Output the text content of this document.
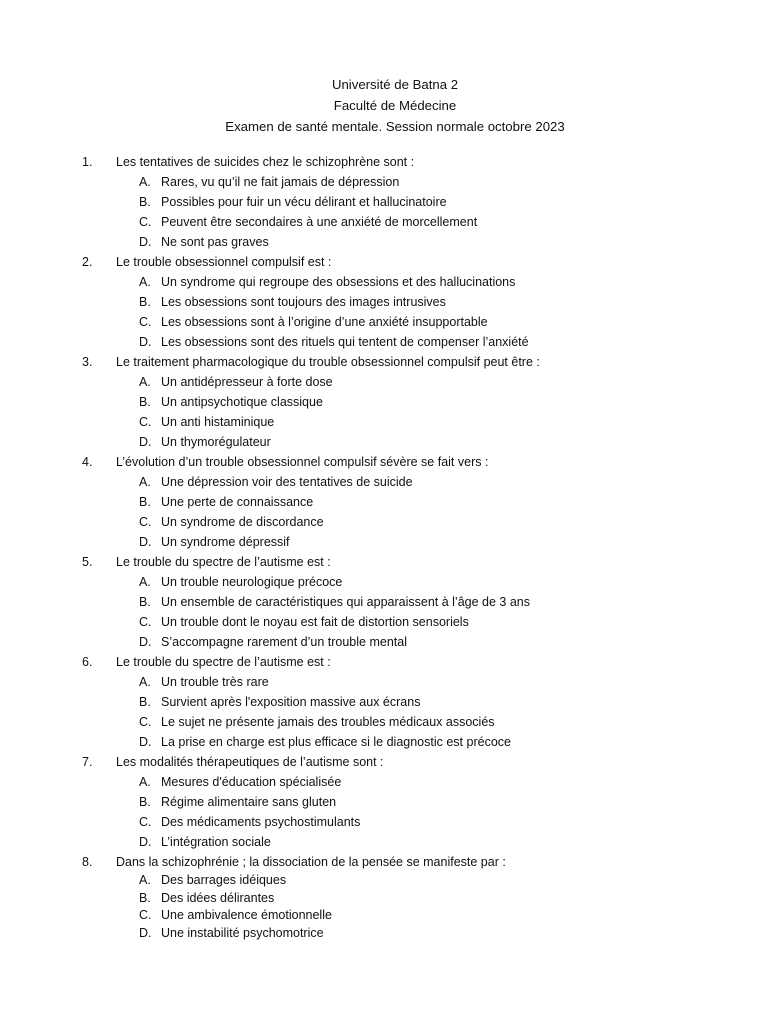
Université de Batna 2
Faculté de Médecine
Examen de santé mentale. Session normale octobre 2023
1. Les tentatives de suicides chez le schizophrène sont :
A. Rares, vu qu’il ne fait jamais de dépression
B. Possibles pour fuir un vécu délirant et hallucinatoire
C. Peuvent être secondaires à une anxiété de morcellement
D. Ne sont pas graves
2. Le trouble obsessionnel compulsif est :
A. Un syndrome qui regroupe des obsessions et des hallucinations
B. Les obsessions sont toujours des images intrusives
C. Les obsessions sont à l’origine d’une anxiété insupportable
D. Les obsessions sont des rituels qui tentent de compenser l’anxiété
3. Le traitement pharmacologique du trouble obsessionnel compulsif peut être :
A. Un antidépresseur à forte dose
B. Un antipsychotique classique
C. Un anti histaminique
D. Un thymorégulateur
4. L’évolution d’un trouble obsessionnel compulsif sévère se fait vers :
A. Une dépression voir des tentatives de suicide
B. Une perte de connaissance
C. Un syndrome de discordance
D. Un syndrome dépressif
5. Le trouble du spectre de l’autisme est :
A. Un trouble neurologique précoce
B. Un ensemble de caractéristiques qui apparaissent à l’âge de 3 ans
C. Un trouble dont le noyau est fait de distortion sensoriels
D. S’accompagne rarement d’un trouble mental
6. Le trouble du spectre de l’autisme est :
A. Un trouble très rare
B. Survient après l'exposition massive aux écrans
C. Le sujet ne présente jamais des troubles médicaux associés
D. La prise en charge est plus efficace si le diagnostic est précoce
7. Les modalités thérapeutiques de l’autisme sont :
A. Mesures d'éducation spécialisée
B. Régime alimentaire sans gluten
C. Des médicaments psychostimulants
D. L’intégration sociale
8. Dans la schizophrénie ; la dissociation de la pensée se manifeste par :
A. Des barrages idéiques
B. Des idées délirantes
C. Une ambivalence émotionnelle
D. Une instabilité psychomotrice
